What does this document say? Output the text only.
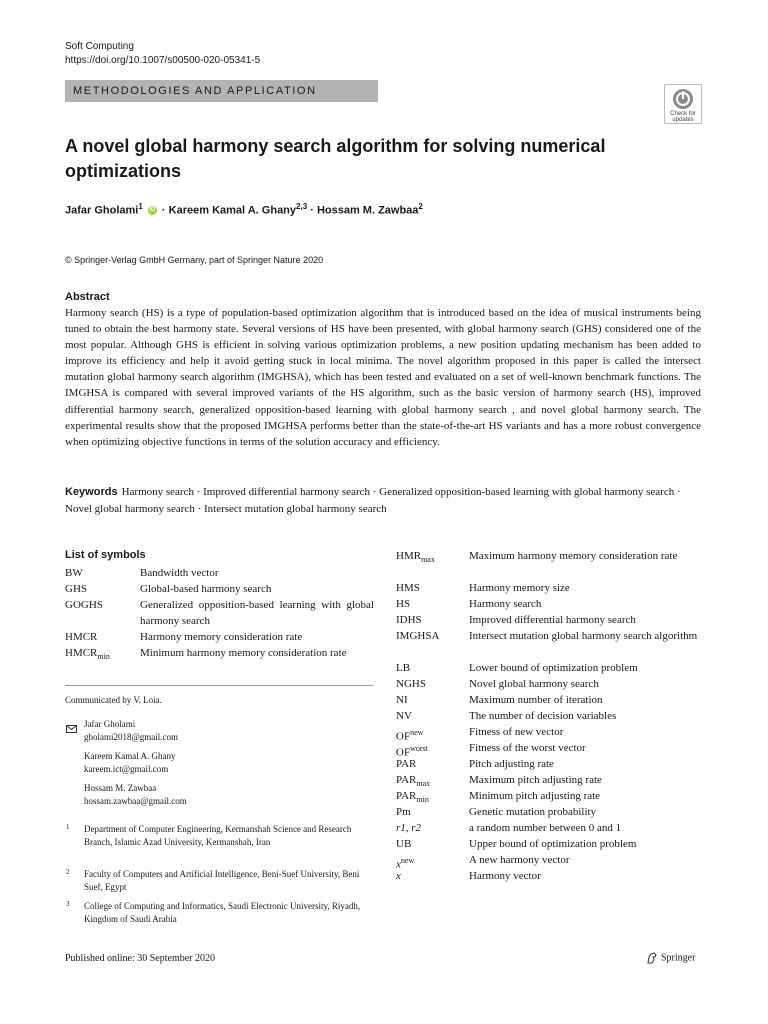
Soft Computing
https://doi.org/10.1007/s00500-020-05341-5
METHODOLOGIES AND APPLICATION
Check for
updates
A novel global harmony search algorithm for solving numerical optimizations
Jafar Gholami$^1$ iD · Kareem Kamal A. Ghany$^{2,3}$ · Hossam M. Zawbaa$^2$
© Springer-Verlag GmbH Germany, part of Springer Nature 2020
Abstract
Harmony search (HS) is a type of population-based optimization algorithm that is introduced based on the idea of musical instruments being tuned to obtain the best harmony state. Several versions of HS have been presented, with global harmony search (GHS) considered one of the most popular. Although GHS is efficient in solving various optimization problems, a new position updating mechanism has been added to improve its efficiency and help it avoid getting stuck in local minima. The novel algorithm proposed in this paper is called the intersect mutation global harmony search algorithm (IMGHSA), which has been tested and evaluated on a set of well-known benchmark functions. The IMGHSA is compared with several improved variants of the HS algorithm, such as the basic version of harmony search (HS), improved differential harmony search, generalized opposition-based learning with global harmony search , and novel global harmony search. The experimental results show that the proposed IMGHSA performs better than the state-of-the-art HS variants and has a more robust convergence when optimizing objective functions in terms of the solution accuracy and efficiency.
Keywords Harmony search · Improved differential harmony search · Generalized opposition-based learning with global harmony search · Novel global harmony search · Intersect mutation global harmony search
List of symbols
BW	Bandwidth vector
GHS	Global-based harmony search
GOGHS	Generalized opposition-based learning with global harmony search
HMCR	Harmony memory consideration rate
$HMCR_{min}$	Minimum harmony memory consideration rate
$HMR_{max}$	Maximum harmony memory consideration rate
HMS	Harmony memory size
HS	Harmony search
IDHS	Improved differential harmony search
IMGHSA	Intersect mutation global harmony search algorithm
LB	Lower bound of optimization problem
NGHS	Novel global harmony search
NI	Maximum number of iteration
NV	The number of decision variables
$OF^{new}$	Fitness of new vector
$OF^{worst}$	Fitness of the worst vector
PAR	Pitch adjusting rate
$PAR_{max}$	Maximum pitch adjusting rate
$PAR_{min}$	Minimum pitch adjusting rate
Pm	Genetic mutation probability
r1, r2	a random number between 0 and 1
UB	Upper bound of optimization problem
$x^{new}$	A new harmony vector
x	Harmony vector
Communicated by V. Loia.
Jafar Gholami
gholami2018@gmail.com
Kareem Kamal A. Ghany
kareem.ict@gmail.com
Hossam M. Zawbaa
hossam.zawbaa@gmail.com
1 Department of Computer Engineering, Kermanshah Science and Research Branch, Islamic Azad University, Kermanshah, Iran
2 Faculty of Computers and Artificial Intelligence, Beni-Suef University, Beni Suef, Egypt
3 College of Computing and Informatics, Saudi Electronic University, Riyadh, Kingdom of Saudi Arabia
Published online: 30 September 2020	Springer
